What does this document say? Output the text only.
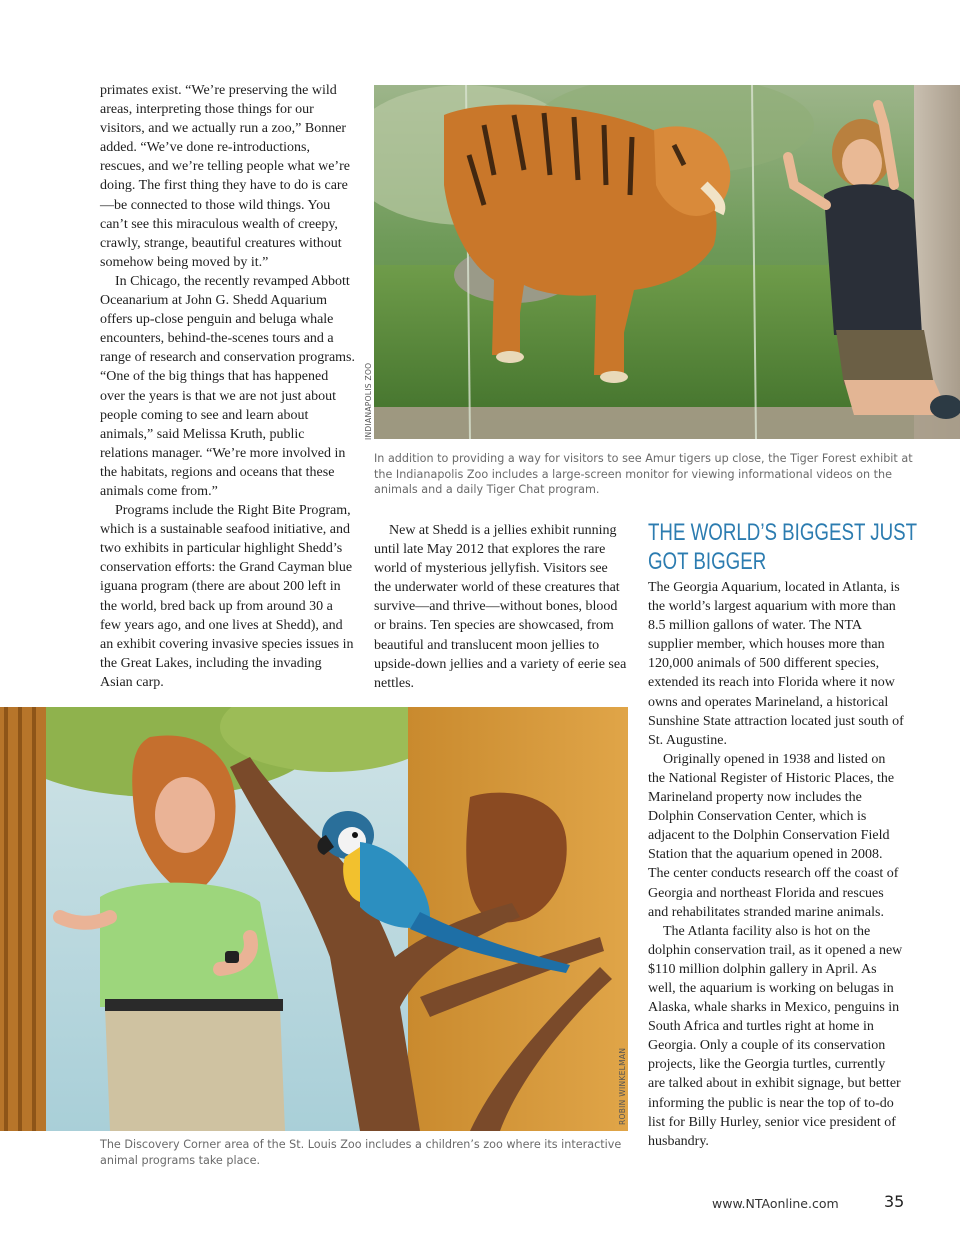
primates exist. “We’re preserving the wild areas, interpreting those things for our visitors, and we actually run a zoo,” Bonner added. “We’ve done re-introductions, rescues, and we’re telling people what we’re doing. The first thing they have to do is care—be connected to those wild things. You can’t see this miraculous wealth of creepy, crawly, strange, beautiful creatures without somehow being moved by it.”

In Chicago, the recently revamped Abbott Oceanarium at John G. Shedd Aquarium offers up-close penguin and beluga whale encounters, behind-the-scenes tours and a range of research and conservation programs. “One of the big things that has happened over the years is that we are not just about people coming to see and learn about animals,” said Melissa Kruth, public relations manager. “We’re more involved in the habitats, regions and oceans that these animals come from.”

Programs include the Right Bite Program, which is a sustainable seafood initiative, and two exhibits in particular highlight Shedd’s conservation efforts: the Grand Cayman blue iguana program (there are about 200 left in the world, bred back up from around 30 a few years ago, and one lives at Shedd), and an exhibit covering invasive species issues in the Great Lakes, including the invading Asian carp.

INDIANAPOLIS ZOO
In addition to providing a way for visitors to see Amur tigers up close, the Tiger Forest exhibit at the Indianapolis Zoo includes a large-screen monitor for viewing informational videos on the animals and a daily Tiger Chat program.

New at Shedd is a jellies exhibit running until late May 2012 that explores the rare world of mysterious jellyfish. Visitors see the underwater world of these creatures that survive—and thrive—without bones, blood or brains. Ten species are showcased, from beautiful and translucent moon jellies to upside-down jellies and a variety of eerie sea nettles.

THE WORLD’S BIGGEST JUST
GOT BIGGER

The Georgia Aquarium, located in Atlanta, is the world’s largest aquarium with more than 8.5 million gallons of water. The NTA supplier member, which houses more than 120,000 animals of 500 different species, extended its reach into Florida where it now owns and operates Marineland, a historical Sunshine State attraction located just south of St. Augustine.

Originally opened in 1938 and listed on the National Register of Historic Places, the Marineland property now includes the Dolphin Conservation Center, which is adjacent to the Dolphin Conservation Field Station that the aquarium opened in 2008. The center conducts research off the coast of Georgia and northeast Florida and rescues and rehabilitates stranded marine animals.

The Atlanta facility also is hot on the dolphin conservation trail, as it opened a new $110 million dolphin gallery in April. As well, the aquarium is working on belugas in Alaska, whale sharks in Mexico, penguins in South Africa and turtles right at home in Georgia. Only a couple of its conservation projects, like the Georgia turtles, currently are talked about in exhibit signage, but better informing the public is near the top of to-do list for Billy Hurley, senior vice president of husbandry.

ROBIN WINKELMAN
The Discovery Corner area of the St. Louis Zoo includes a children’s zoo where its interactive animal programs take place.
www.NTAonline.com	35
